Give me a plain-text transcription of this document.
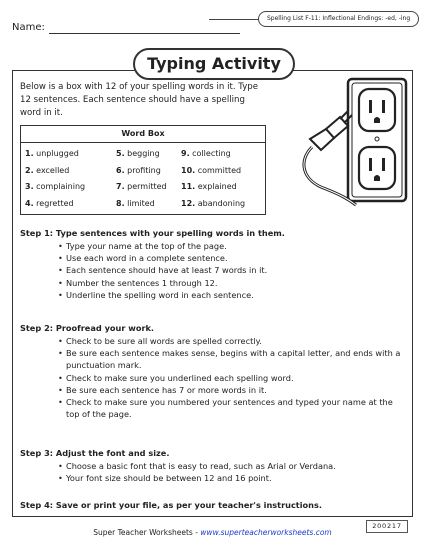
Name:
Spelling List F-11: Inflectional Endings: -ed, -ing
Typing Activity
Below is a box with 12 of your spelling words in it. Type 12 sentences. Each sentence should have a spelling word in it.
Word Box
1. unplugged
2. excelled
3. complaining
4. regretted
5. begging
6. profiting
7. permitted
8. limited
9. collecting
10. committed
11. explained
12. abandoning
Step 1: Type sentences with your spelling words in them.
• Type your name at the top of the page.
• Use each word in a complete sentence.
• Each sentence should have at least 7 words in it.
• Number the sentences 1 through 12.
• Underline the spelling word in each sentence.
Step 2: Proofread your work.
• Check to be sure all words are spelled correctly.
• Be sure each sentence makes sense, begins with a capital letter, and ends with a punctuation mark.
• Check to make sure you underlined each spelling word.
• Be sure each sentence has 7 or more words in it.
• Check to make sure you numbered your sentences and typed your name at the top of the page.
Step 3: Adjust the font and size.
• Choose a basic font that is easy to read, such as Arial or Verdana.
• Your font size should be between 12 and 16 point.
Step 4: Save or print your file, as per your teacher's instructions.
Super Teacher Worksheets - www.superteacherworksheets.com
200217
